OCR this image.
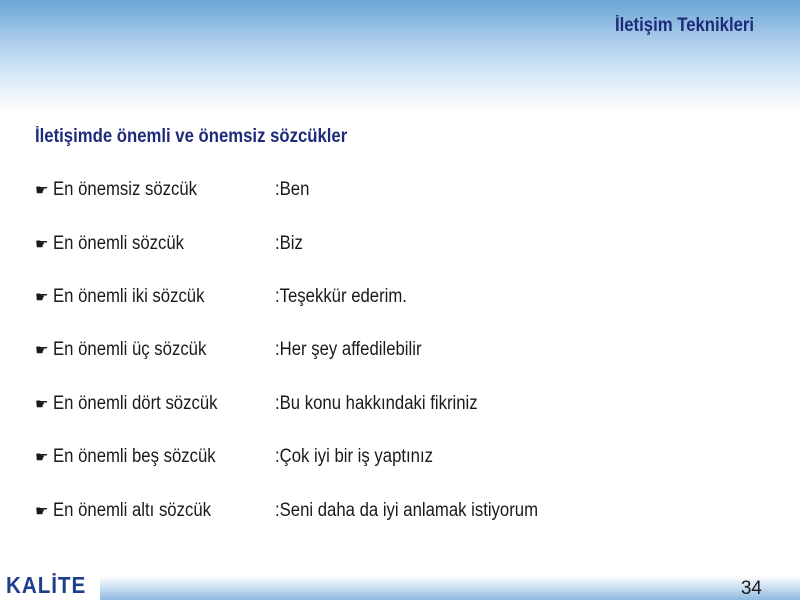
İletişim Teknikleri
İletişimde önemli ve önemsiz sözcükler
☛ En önemsiz sözcük	:Ben
☛ En önemli sözcük	:Biz
☛ En önemli iki sözcük	:Teşekkür ederim.
☛ En önemli üç sözcük	:Her şey affedilebilir
☛ En önemli dört sözcük	:Bu konu hakkındaki fikriniz
☛ En önemli beş sözcük	:Çok iyi bir iş yaptınız
☛ En önemli altı sözcük	:Seni daha da iyi anlamak istiyorum
KALİTE	34
